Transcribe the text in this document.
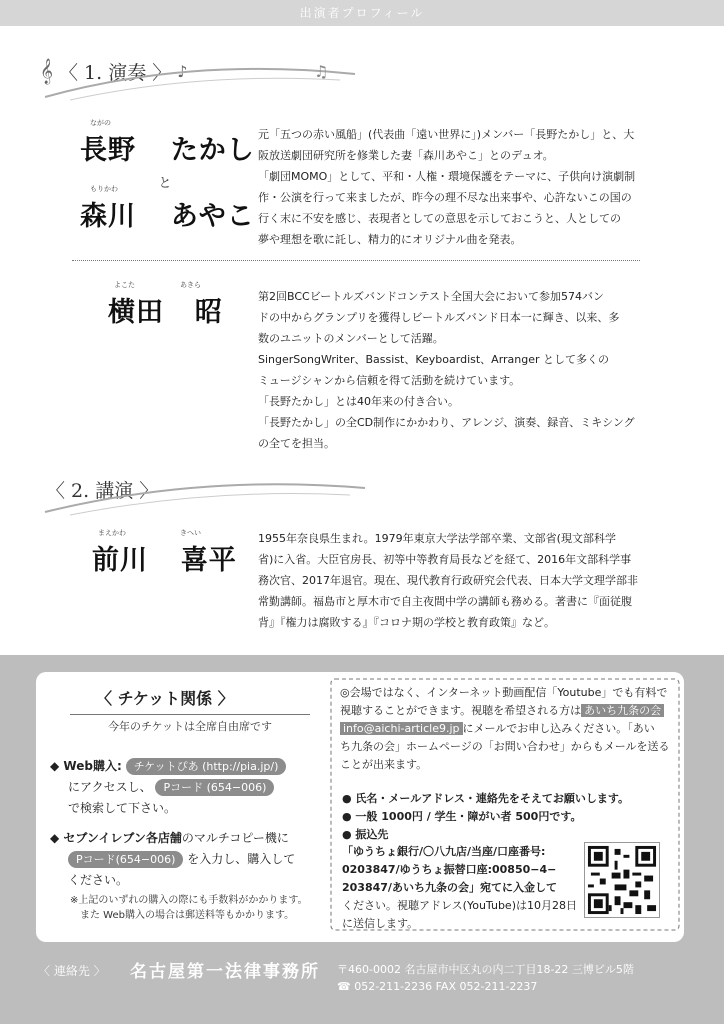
出演者プロフィール
𝄞 〈 1. 演奏 〉 ♪	♫
ながの
長野 たかし
と
もりかわ
森川 あやこ

元「五つの赤い風船」(代表曲「遠い世界に」)メンバー「長野たかし」と、大

阪放送劇団研究所を修業した妻「森川あやこ」とのデュオ。

「劇団MOMO」として、平和・人権・環境保護をテーマに、子供向け演劇制

作・公演を行って来ましたが、昨今の理不尽な出来事や、心許ないこの国の

行く末に不安を感じ、表現者としての意思を示しておこうと、人としての

夢や理想を歌に託し、精力的にオリジナル曲を発表。

よこた	あきら
横田 昭

第2回BCCビートルズバンドコンテスト全国大会において参加574バン

ドの中からグランプリを獲得しビートルズバンド日本一に輝き、以来、多

数のユニットのメンバーとして活躍。

SingerSongWriter、Bassist、Keyboardist、Arranger として多くの

ミュージシャンから信頼を得て活動を続けています。

「長野たかし」とは40年来の付き合い。

「長野たかし」の全CD制作にかかわり、アレンジ、演奏、録音、ミキシング

の全てを担当。

〈 2. 講演 〉
まえかわ	きへい
前川 喜平

1955年奈良県生まれ。1979年東京大学法学部卒業、文部省(現文部科学

省)に入省。大臣官房長、初等中等教育局長などを経て、2016年文部科学事

務次官、2017年退官。現在、現代教育行政研究会代表、日本大学文理学部非

常勤講師。福島市と厚木市で自主夜間中学の講師も務める。著書に『面従腹

背』『権力は腐敗する』『コロナ期の学校と教育政策』など。

〈 チケット関係 〉
今年のチケットは全席自由席です
◆ Web購入: チケットぴあ (http://pia.jp/)
にアクセスし、 Pコード (654−006)
で検索して下さい。
◆ セブンイレブン各店舗のマルチコピー機に
Pコード(654−006) を入力し、購入して
ください。
※上記のいずれの購入の際にも手数料がかかります。
また Web購入の場合は郵送料等もかかります。
◎会場ではなく、インターネット動画配信「Youtube」でも有料で
視聴することができます。視聴を希望される方は あいち九条の会
info@aichi-article9.jp にメールでお申し込みください。「あい
ち九条の会」ホームページの「お問い合わせ」からもメールを送る
ことが出来ます。
● 氏名・メールアドレス・連絡先をそえてお願いします。
● 一般 1000円 / 学生・障がい者 500円です。
● 振込先
「ゆうちょ銀行/〇八九店/当座/口座番号:
0203847/ゆうちょ振替口座:00850−4−
203847/あいち九条の会」宛てに入金して
ください。視聴アドレス(YouTube)は10月28日
に送信します。
〈 連絡先 〉 名古屋第一法律事務所 〒460-0002 名古屋市中区丸の内二丁目18-22 三博ビル5階
☎ 052-211-2236 FAX 052-211-2237
